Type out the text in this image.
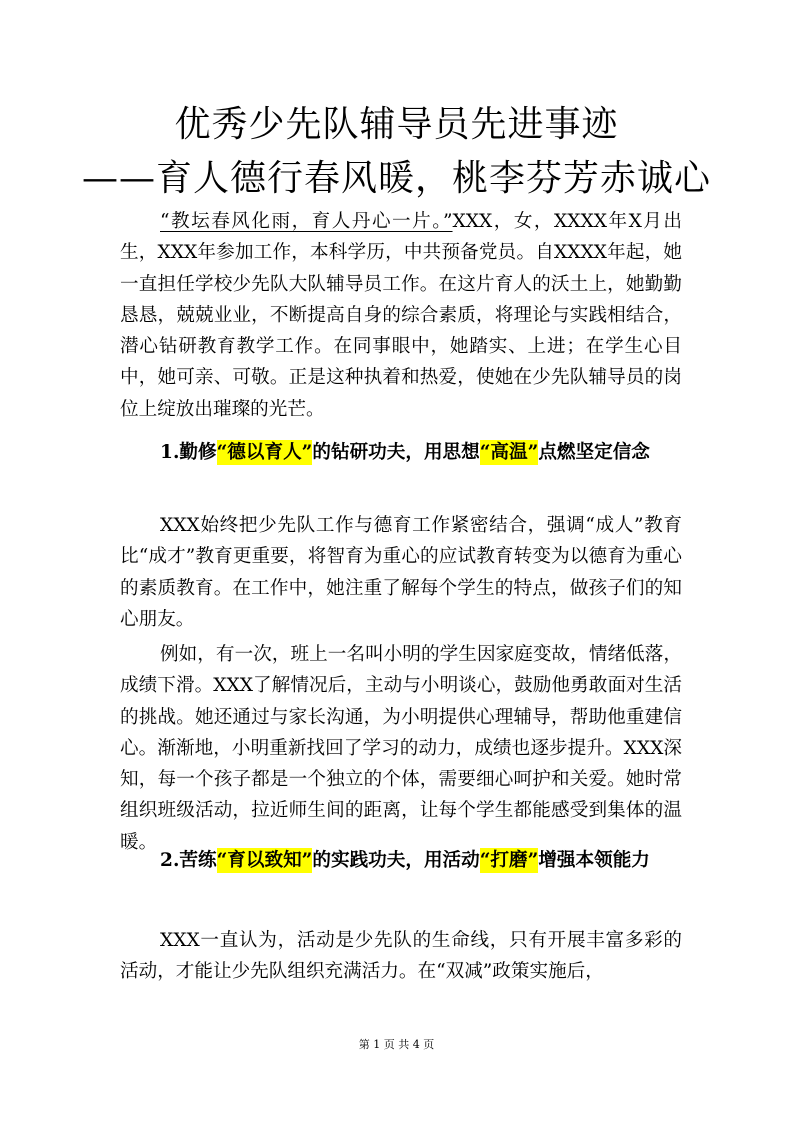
优秀少先队辅导员先进事迹
——育人德行春风暖，桃李芬芳赤诚心
“教坛春风化雨，育人丹心一片。”XXX，女，XXXX年X月出生，XXX年参加工作，本科学历，中共预备党员。自XXXX年起，她一直担任学校少先队大队辅导员工作。在这片育人的沃土上，她勤勤恳恳，兢兢业业，不断提高自身的综合素质，将理论与实践相结合，潜心钻研教育教学工作。在同事眼中，她踏实、上进；在学生心目中，她可亲、可敬。正是这种执着和热爱，使她在少先队辅导员的岗位上绽放出璀璨的光芒。
1.勤修“德以育人”的钻研功夫，用思想“高温”点燃坚定信念
XXX始终把少先队工作与德育工作紧密结合，强调“成人”教育比“成才”教育更重要，将智育为重心的应试教育转变为以德育为重心的素质教育。在工作中，她注重了解每个学生的特点，做孩子们的知心朋友。
例如，有一次，班上一名叫小明的学生因家庭变故，情绪低落，成绩下滑。XXX了解情况后，主动与小明谈心，鼓励他勇敢面对生活的挑战。她还通过与家长沟通，为小明提供心理辅导，帮助他重建信心。渐渐地，小明重新找回了学习的动力，成绩也逐步提升。XXX深知，每一个孩子都是一个独立的个体，需要细心呵护和关爱。她时常组织班级活动，拉近师生间的距离，让每个学生都能感受到集体的温暖。
2.苦练“育以致知”的实践功夫，用活动“打磨”增强本领能力
XXX一直认为，活动是少先队的生命线，只有开展丰富多彩的活动，才能让少先队组织充满活力。在“双减”政策实施后，
第 1 页 共 4 页
